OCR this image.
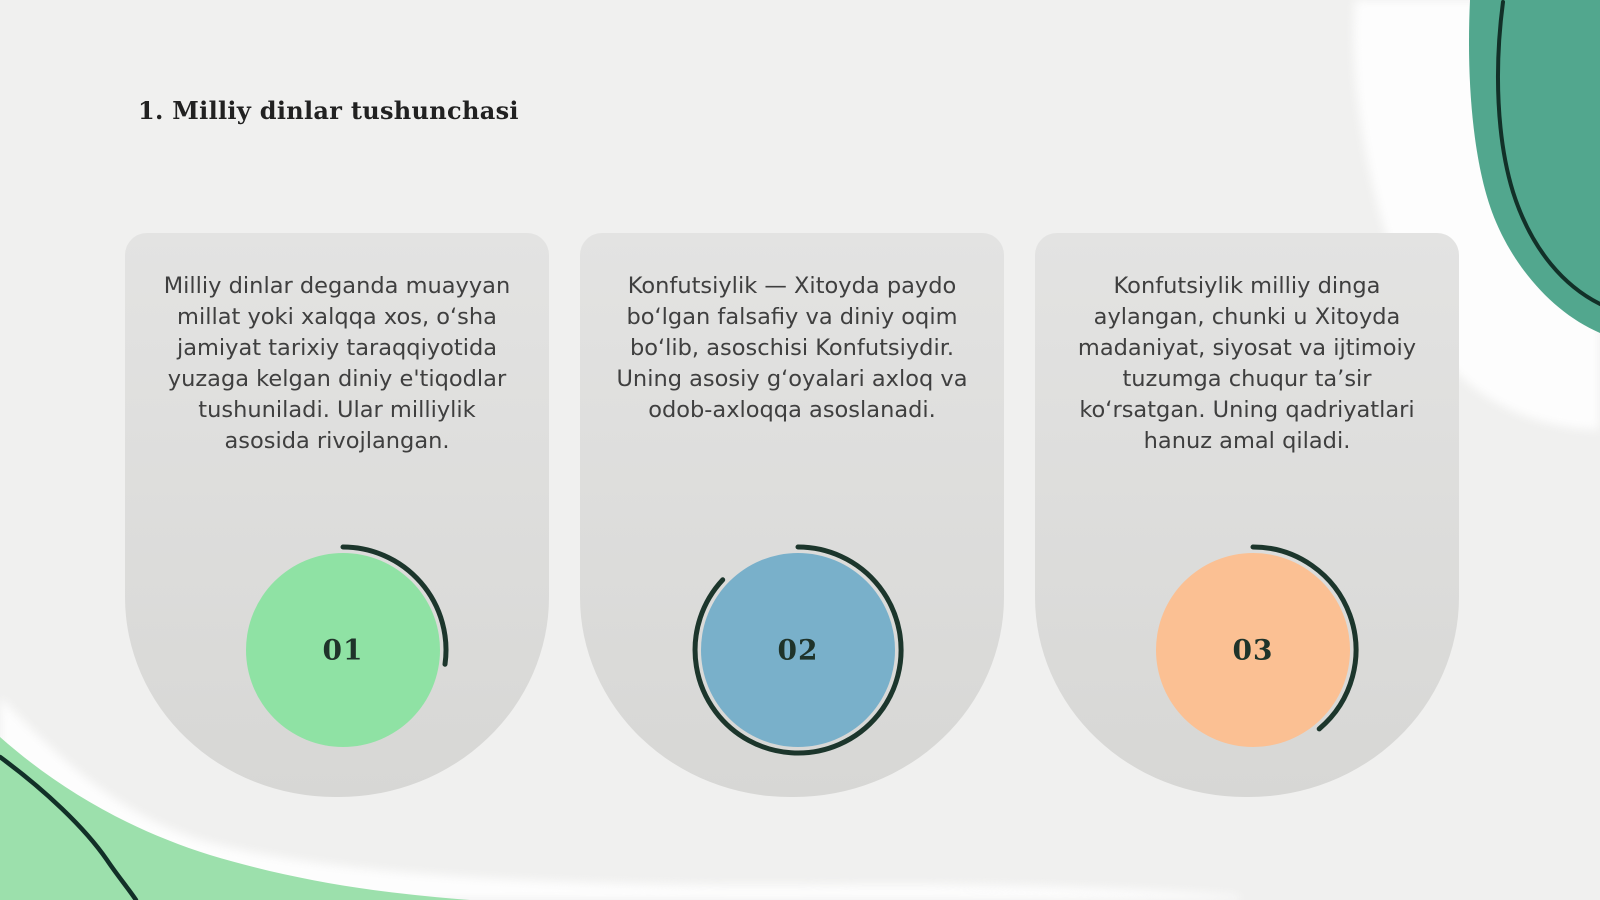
1. Milliy dinlar tushunchasi

Milliy dinlar deganda muayyan millat yoki xalqqa xos, o‘sha jamiyat tarixiy taraqqiyotida yuzaga kelgan diniy e'tiqodlar tushuniladi. Ular milliylik asosida rivojlangan.

01

Konfutsiylik — Xitoyda paydo bo‘lgan falsafiy va diniy oqim bo‘lib, asoschisi Konfutsiydir. Uning asosiy g‘oyalari axloq va odob-axloqqa asoslanadi.

02

Konfutsiylik milliy dinga aylangan, chunki u Xitoyda madaniyat, siyosat va ijtimoiy tuzumga chuqur ta’sir ko‘rsatgan. Uning qadriyatlari hanuz amal qiladi.

03
